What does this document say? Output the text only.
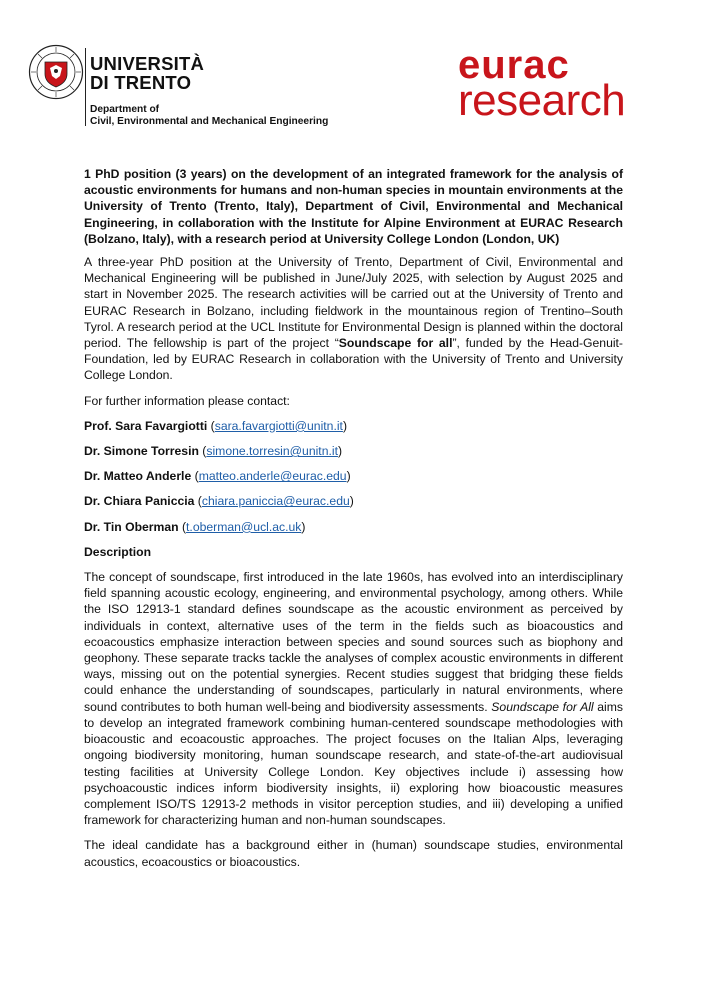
UNIVERSITÀ
DI TRENTO
Department of
Civil, Environmental and Mechanical Engineering
eurac
research
1 PhD position (3 years) on the development of an integrated framework for the analysis of acoustic environments for humans and non-human species in mountain environments at the University of Trento (Trento, Italy), Department of Civil, Environmental and Mechanical Engineering, in collaboration with the Institute for Alpine Environment at EURAC Research (Bolzano, Italy), with a research period at University College London (London, UK)

A three-year PhD position at the University of Trento, Department of Civil, Environmental and Mechanical Engineering will be published in June/July 2025, with selection by August 2025 and start in November 2025. The research activities will be carried out at the University of Trento and EURAC Research in Bolzano, including fieldwork in the mountainous region of Trentino–South Tyrol. A research period at the UCL Institute for Environmental Design is planned within the doctoral period. The fellowship is part of the project “Soundscape for all”, funded by the Head-Genuit-Foundation, led by EURAC Research in collaboration with the University of Trento and University College London.

For further information please contact:
Prof. Sara Favargiotti (sara.favargiotti@unitn.it)
Dr. Simone Torresin (simone.torresin@unitn.it)
Dr. Matteo Anderle (matteo.anderle@eurac.edu)
Dr. Chiara Paniccia (chiara.paniccia@eurac.edu)
Dr. Tin Oberman (t.oberman@ucl.ac.uk)
Description

The concept of soundscape, first introduced in the late 1960s, has evolved into an interdisciplinary field spanning acoustic ecology, engineering, and environmental psychology, among others. While the ISO 12913-1 standard defines soundscape as the acoustic environment as perceived by individuals in context, alternative uses of the term in the fields such as bioacoustics and ecoacoustics emphasize interaction between species and sound sources such as biophony and geophony. These separate tracks tackle the analyses of complex acoustic environments in different ways, missing out on the potential synergies. Recent studies suggest that bridging these fields could enhance the understanding of soundscapes, particularly in natural environments, where sound contributes to both human well-being and biodiversity assessments. Soundscape for All aims to develop an integrated framework combining human-centered soundscape methodologies with bioacoustic and ecoacoustic approaches. The project focuses on the Italian Alps, leveraging ongoing biodiversity monitoring, human soundscape research, and state-of-the-art audiovisual testing facilities at University College London. Key objectives include i) assessing how psychoacoustic indices inform biodiversity insights, ii) exploring how bioacoustic measures complement ISO/TS 12913-2 methods in visitor perception studies, and iii) developing a unified framework for characterizing human and non-human soundscapes.

The ideal candidate has a background either in (human) soundscape studies, environmental acoustics, ecoacoustics or bioacoustics.
